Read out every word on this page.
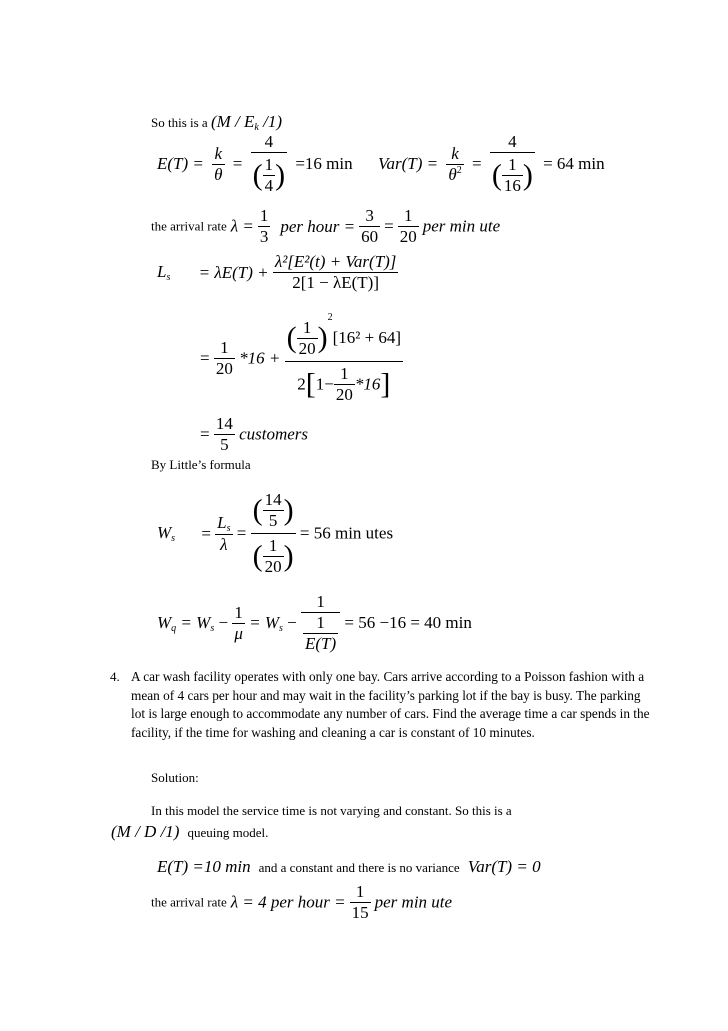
So this is a ($M / E_k$ /1)
$E(T) = \frac{k}{\theta} = \frac{4}{( \frac{1}{4} )} =16$ $\min Var(T) = \frac{k}{\theta^2} = \frac{4}{( \frac{1}{16} )} = 64$ min
the arrival rate $\lambda = \frac{1}{3}$ per hour = $\frac{3}{60} = \frac{1}{20}$ per min ute
$L_s = \lambda E(T) + \frac{\text{λ²[E²(t) + Var(T)]}}{2[1 - \lambda E(T)]}$
= $\frac{1}{20} *16 + \frac{( \frac{1}{20} )^2[16^2 + 64]}{2[1- \frac{1}{20} *16]}$
= $\frac{14}{5}$ customers
By Little’s formula
$W_s = \frac{L_s}{\lambda} = \frac{( \frac{14}{5} )}{( \frac{1}{20} )} = 56$ min utes
$W_q = W_s - \frac{1}{\mu} = W_s - \frac{1}{\frac{1}{E(T)}} = 56 -16 = 40$ min
4. A car wash facility operates with only one bay. Cars arrive according to a Poisson fashion with a mean of 4 cars per hour and may wait in the facility’s parking lot if the bay is busy. The parking lot is large enough to accommodate any number of cars. Find the average time a car spends in the facility, if the time for washing and cleaning a car is constant of 10 minutes.
Solution:
In this model the service time is not varying and constant. So this is a
(M / D /1) queuing model.
E(T) =10 min and a constant and there is no variance Var(T) = 0
the arrival rate λ = 4 per hour = $\frac{1}{15}$ per min ute
